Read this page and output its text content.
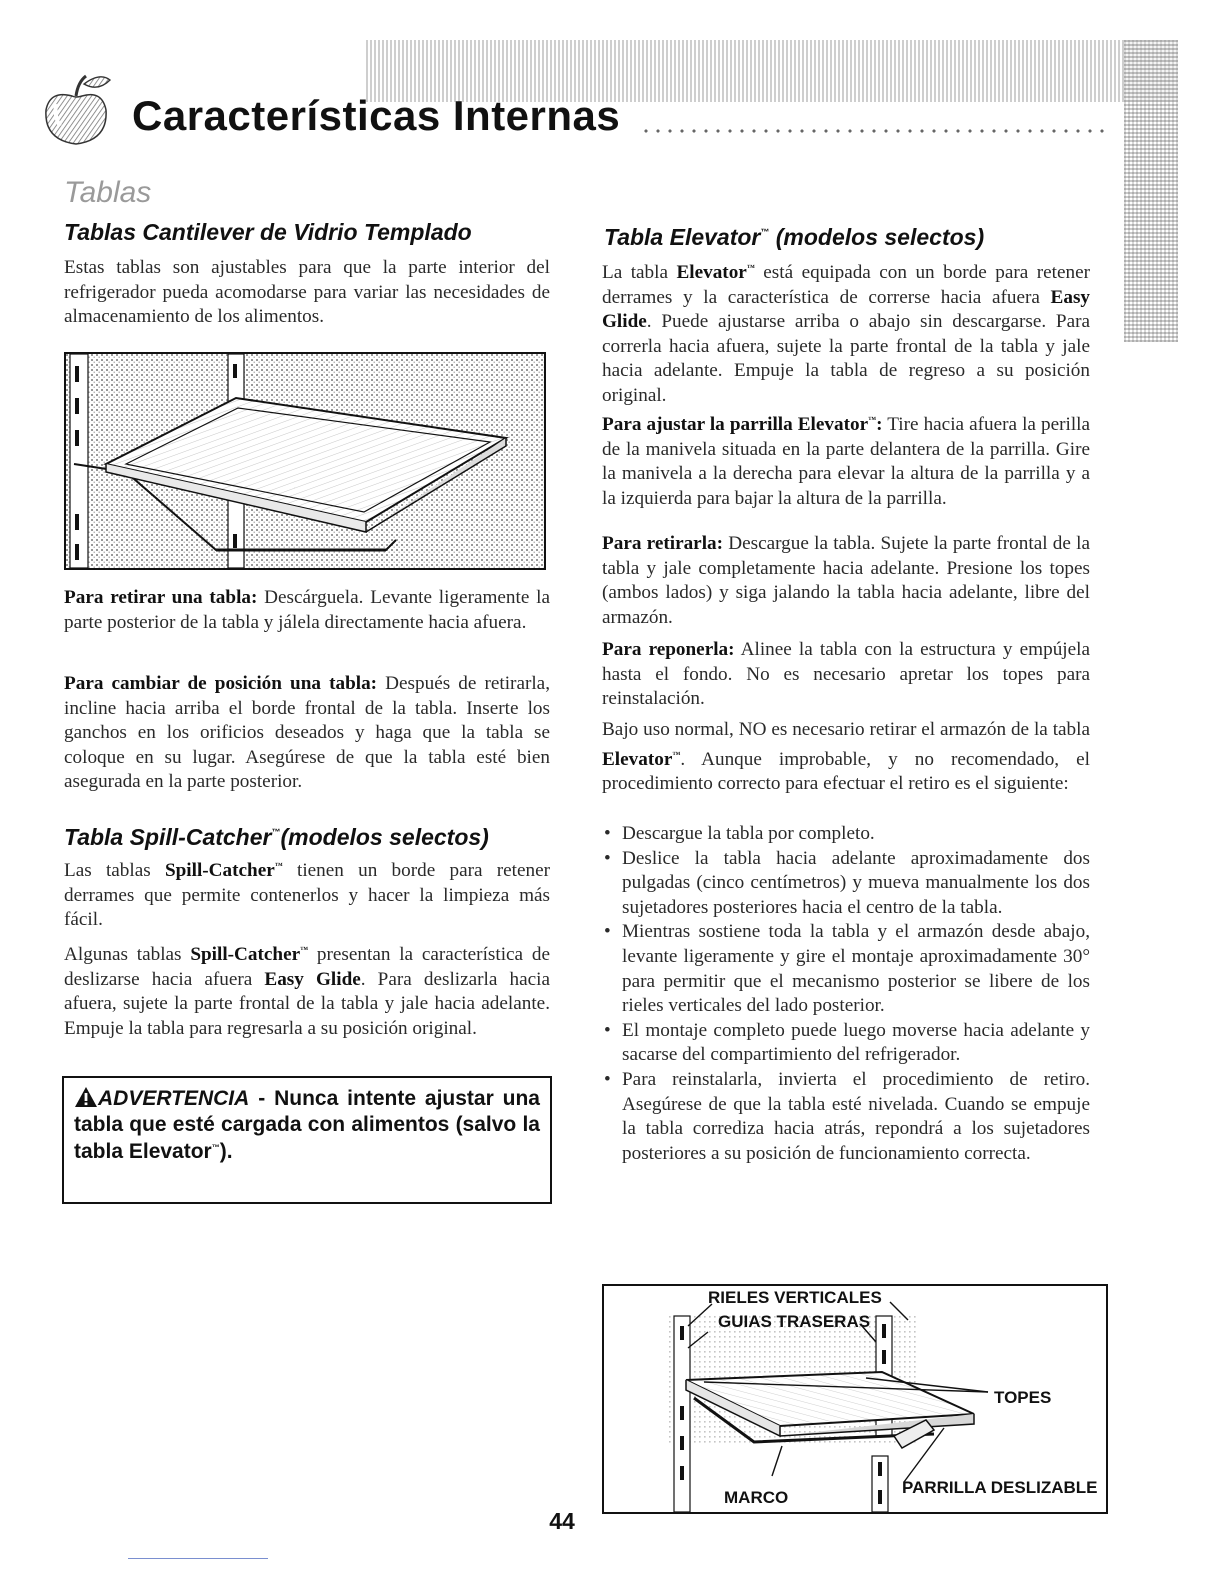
Características Internas
Tablas
Tablas Cantilever de Vidrio Templado

Estas tablas son ajustables para que la parte interior del refrigerador pueda acomodarse para variar las necesidades de almacenamiento de los alimentos.

Para retirar una tabla: Descárguela. Levante ligeramente la parte posterior de la tabla y jálela directamente hacia afuera.

Para cambiar de posición una tabla: Después de retirarla, incline hacia arriba el borde frontal de la tabla. Inserte los ganchos en los orificios deseados y haga que la tabla se coloque en su lugar. Asegúrese de que la tabla esté bien asegurada en la parte posterior.

Tabla Spill-Catcher™(modelos selectos)

Las tablas Spill-Catcher™ tienen un borde para retener derrames que permite contenerlos y hacer la limpieza más fácil.

Algunas tablas Spill-Catcher™ presentan la característica de deslizarse hacia afuera Easy Glide. Para deslizarla hacia afuera, sujete la parte frontal de la tabla y jale hacia adelante. Empuje la tabla para regresarla a su posición original.

ADVERTENCIA - Nunca intente ajustar una tabla que esté cargada con alimentos (salvo la tabla Elevator™).
Tabla Elevator™ (modelos selectos)

La tabla Elevator™ está equipada con un borde para retener derrames y la característica de correrse hacia afuera Easy Glide. Puede ajustarse arriba o abajo sin descargarse. Para correrla hacia afuera, sujete la parte frontal de la tabla y jale hacia adelante. Empuje la tabla de regreso a su posición original.

Para ajustar la parrilla Elevator™: Tire hacia afuera la perilla de la manivela situada en la parte delantera de la parrilla. Gire la manivela a la derecha para elevar la altura de la parrilla y a la izquierda para bajar la altura de la parrilla.

Para retirarla: Descargue la tabla. Sujete la parte frontal de la tabla y jale completamente hacia adelante. Presione los topes (ambos lados) y siga jalando la tabla hacia adelante, libre del armazón.

Para reponerla: Alinee la tabla con la estructura y empújela hasta el fondo. No es necesario apretar los topes para reinstalación.

Bajo uso normal, NO es necesario retirar el armazón de la tabla Elevator™. Aunque improbable, y no recomendado, el procedimiento correcto para efectuar el retiro es el siguiente:

• Descargue la tabla por completo.
• Deslice la tabla hacia adelante aproximadamente dos pulgadas (cinco centímetros) y mueva manualmente los dos sujetadores posteriores hacia el centro de la tabla.
• Mientras sostiene toda la tabla y el armazón desde abajo, levante ligeramente y gire el montaje aproximadamente 30° para permitir que el mecanismo posterior se libere de los rieles verticales del lado posterior.
• El montaje completo puede luego moverse hacia adelante y sacarse del compartimiento del refrigerador.
• Para reinstalarla, invierta el procedimiento de retiro. Asegúrese de que la tabla esté nivelada. Cuando se empuje la tabla corrediza hacia atrás, repondrá a los sujetadores posteriores a su posición de funcionamiento correcta.
RIELES VERTICALES
GUIAS TRASERAS
TOPES
MARCO
PARRILLA DESLIZABLE
44
